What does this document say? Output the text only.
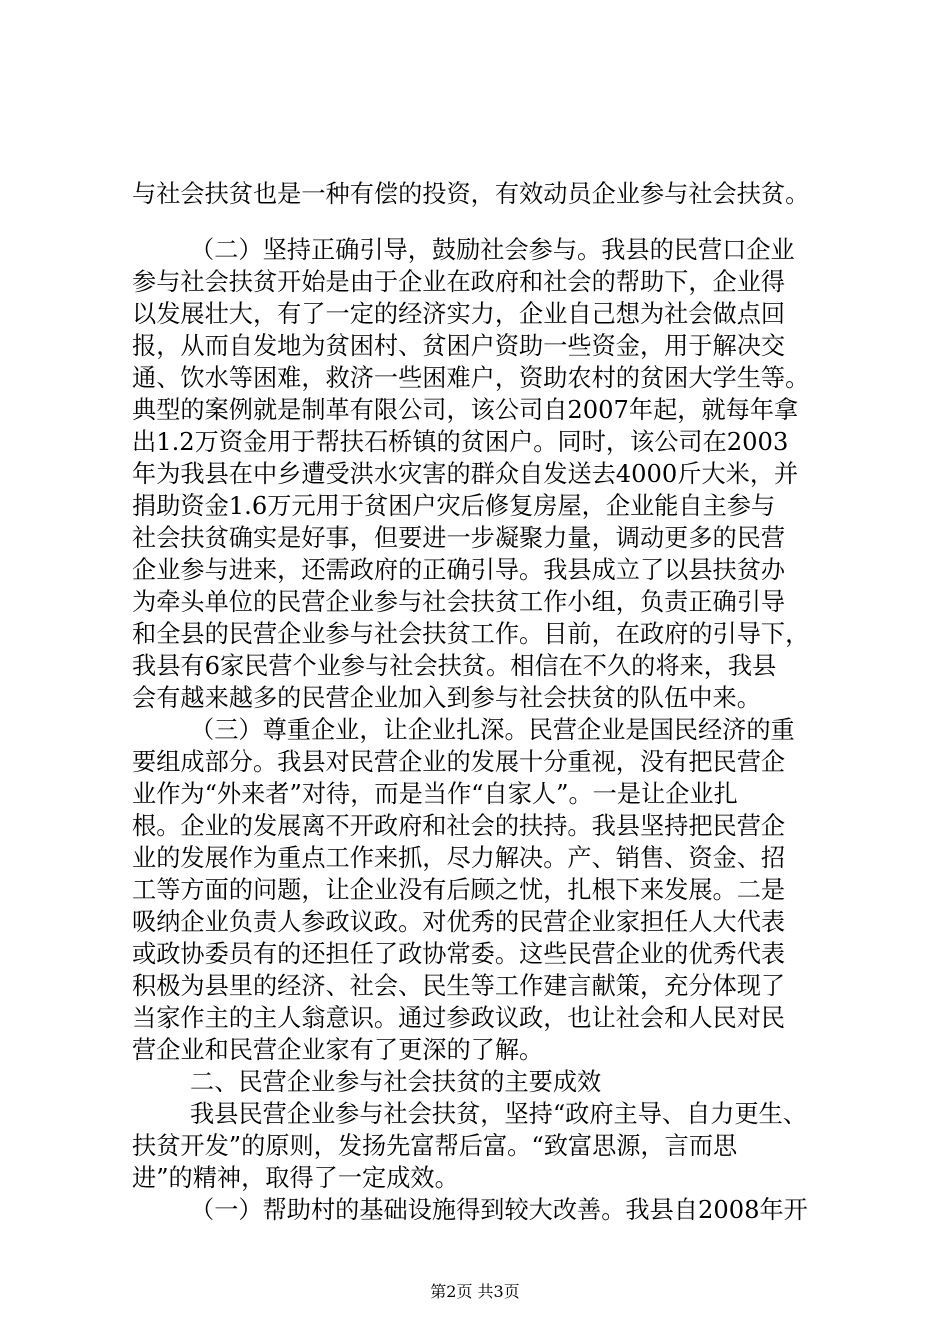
与社会扶贫也是一种有偿的投资，有效动员企业参与社会扶贫。
（二）坚持正确引导，鼓励社会参与。我县的民营口企业
参与社会扶贫开始是由于企业在政府和社会的帮助下，企业得
以发展壮大，有了一定的经济实力，企业自己想为社会做点回
报，从而自发地为贫困村、贫困户资助一些资金，用于解决交
通、饮水等困难，救济一些困难户，资助农村的贫困大学生等。
典型的案例就是制革有限公司，该公司自2007年起，就每年拿
出1.2万资金用于帮扶石桥镇的贫困户。同时，该公司在2003
年为我县在中乡遭受洪水灾害的群众自发送去4000斤大米，并
捐助资金1.6万元用于贫困户灾后修复房屋，企业能自主参与
社会扶贫确实是好事，但要进一步凝聚力量，调动更多的民营
企业参与进来，还需政府的正确引导。我县成立了以县扶贫办
为牵头单位的民营企业参与社会扶贫工作小组，负责正确引导
和全县的民营企业参与社会扶贫工作。目前，在政府的引导下，
我县有6家民营个业参与社会扶贫。相信在不久的将来，我县
会有越来越多的民营企业加入到参与社会扶贫的队伍中来。
（三）尊重企业，让企业扎深。民营企业是国民经济的重
要组成部分。我县对民营企业的发展十分重视，没有把民营企
业作为“外来者”对待，而是当作“自家人”。一是让企业扎
根。企业的发展离不开政府和社会的扶持。我县坚持把民营企
业的发展作为重点工作来抓，尽力解决。产、销售、资金、招
工等方面的问题，让企业没有后顾之忧，扎根下来发展。二是
吸纳企业负责人参政议政。对优秀的民营企业家担任人大代表
或政协委员有的还担任了政协常委。这些民营企业的优秀代表
积极为县里的经济、社会、民生等工作建言献策，充分体现了
当家作主的主人翁意识。通过参政议政，也让社会和人民对民
营企业和民营企业家有了更深的了解。
二、民营企业参与社会扶贫的主要成效
我县民营企业参与社会扶贫，坚持“政府主导、自力更生、
扶贫开发”的原则，发扬先富帮后富。“致富思源，言而思
进”的精神，取得了一定成效。
（一）帮助村的基础设施得到较大改善。我县自2008年开
第2页 共3页
